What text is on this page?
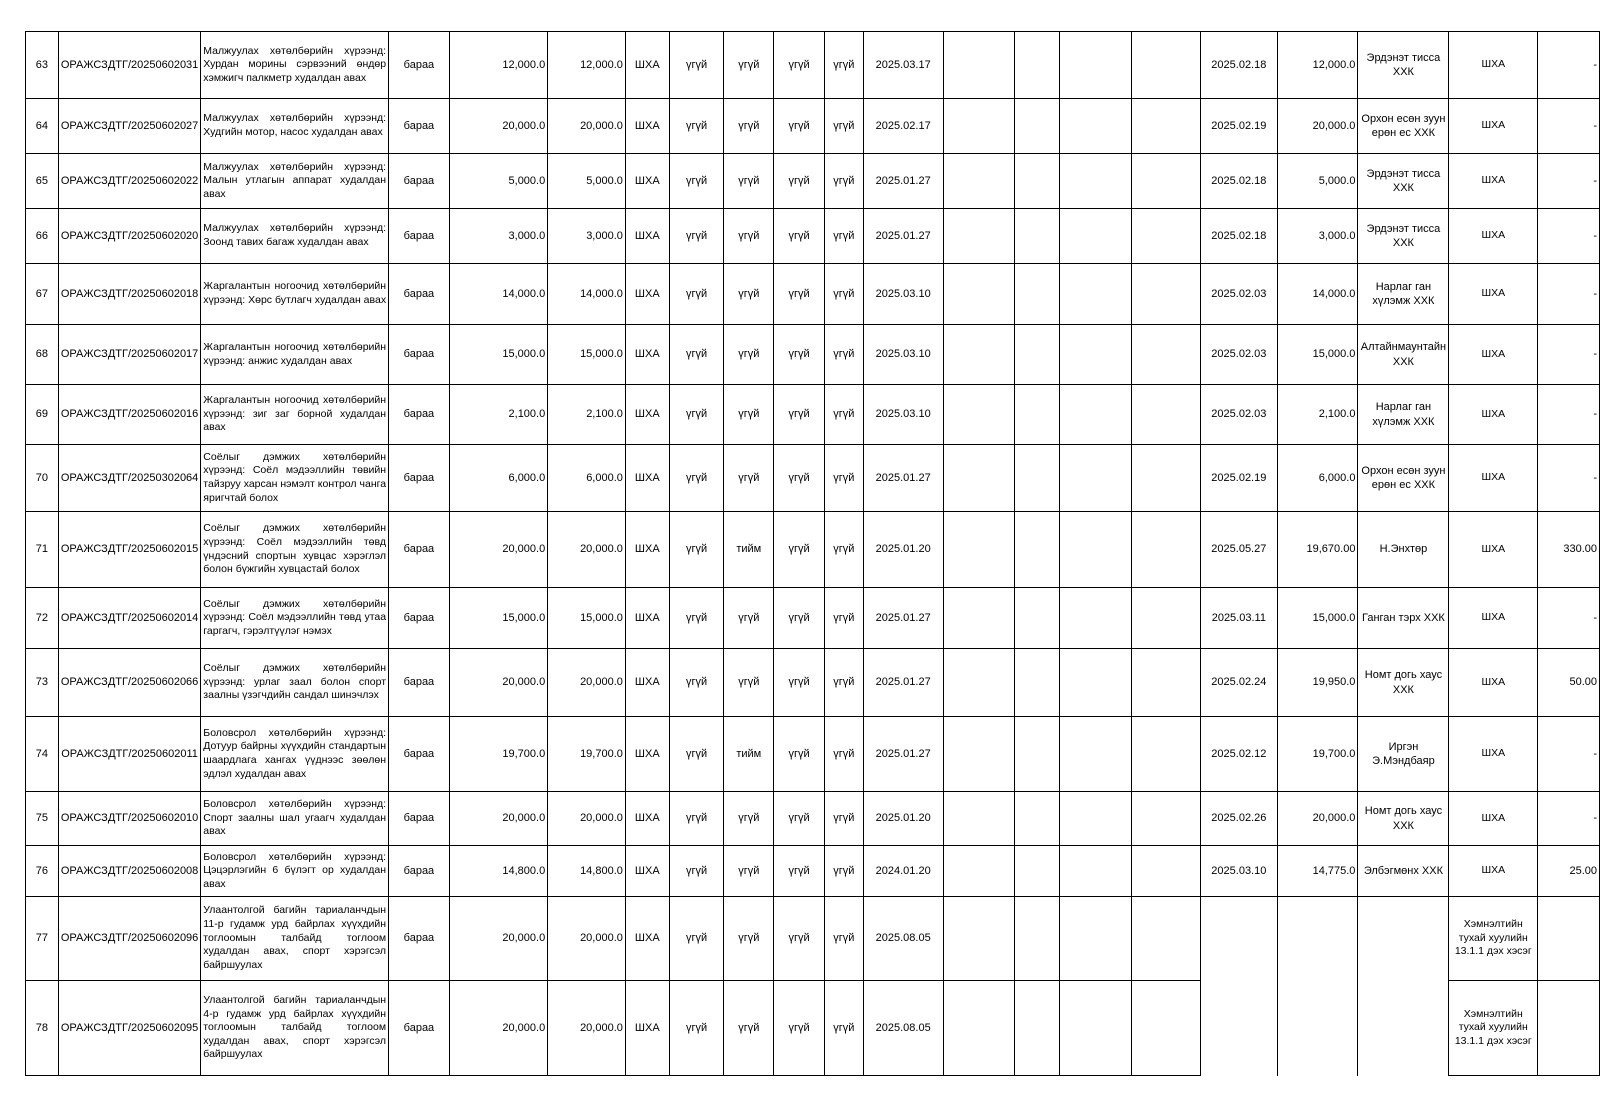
63	ОРАЖСЗДТГ/20250602031	Малжуулах хөтөлбөрийн хүрээнд: Хурдан морины сэрвээний өндөр хэмжигч палкметр худалдан авах	бараа	12,000.0	12,000.0	ШХА	үгүй	үгүй	үгүй	үгүй	2025.03.17					2025.02.18	12,000.0	Эрдэнэт тисса ХХК	ШХА	-
64	ОРАЖСЗДТГ/20250602027	Малжуулах хөтөлбөрийн хүрээнд: Худгийн мотор, насос худалдан авах	бараа	20,000.0	20,000.0	ШХА	үгүй	үгүй	үгүй	үгүй	2025.02.17					2025.02.19	20,000.0	Орхон есөн зуун ерөн ес ХХК	ШХА	-
65	ОРАЖСЗДТГ/20250602022	Малжуулах хөтөлбөрийн хүрээнд: Малын утлагын аппарат худалдан авах	бараа	5,000.0	5,000.0	ШХА	үгүй	үгүй	үгүй	үгүй	2025.01.27					2025.02.18	5,000.0	Эрдэнэт тисса ХХК	ШХА	-
66	ОРАЖСЗДТГ/20250602020	Малжуулах хөтөлбөрийн хүрээнд: Зоонд тавих багаж худалдан авах	бараа	3,000.0	3,000.0	ШХА	үгүй	үгүй	үгүй	үгүй	2025.01.27					2025.02.18	3,000.0	Эрдэнэт тисса ХХК	ШХА	-
67	ОРАЖСЗДТГ/20250602018	Жаргалантын ногоочид хөтөлбөрийн хүрээнд: Хөрс бутлагч худалдан авах	бараа	14,000.0	14,000.0	ШХА	үгүй	үгүй	үгүй	үгүй	2025.03.10					2025.02.03	14,000.0	Нарлаг ган хүлэмж ХХК	ШХА	-
68	ОРАЖСЗДТГ/20250602017	Жаргалантын ногоочид хөтөлбөрийн хүрээнд: анжис худалдан авах	бараа	15,000.0	15,000.0	ШХА	үгүй	үгүй	үгүй	үгүй	2025.03.10					2025.02.03	15,000.0	Алтайнмаунтайн ХХК	ШХА	-
69	ОРАЖСЗДТГ/20250602016	Жаргалантын ногоочид хөтөлбөрийн хүрээнд: зиг заг борной худалдан авах	бараа	2,100.0	2,100.0	ШХА	үгүй	үгүй	үгүй	үгүй	2025.03.10					2025.02.03	2,100.0	Нарлаг ган хүлэмж ХХК	ШХА	-
70	ОРАЖСЗДТГ/20250302064	Соёлыг дэмжих хөтөлбөрийн хүрээнд: Соёл мэдээллийн төвийн тайзруу харсан нэмэлт контрол чанга яригчтай болох	бараа	6,000.0	6,000.0	ШХА	үгүй	үгүй	үгүй	үгүй	2025.01.27					2025.02.19	6,000.0	Орхон есөн зуун ерөн ес ХХК	ШХА	-
71	ОРАЖСЗДТГ/20250602015	Соёлыг дэмжих хөтөлбөрийн хүрээнд: Соёл мэдээллийн төвд үндэсний спортын хувцас хэрэглэл болон бүжгийн хувцастай болох	бараа	20,000.0	20,000.0	ШХА	үгүй	тийм	үгүй	үгүй	2025.01.20					2025.05.27	19,670.00	Н.Энхтөр	ШХА	330.00
72	ОРАЖСЗДТГ/20250602014	Соёлыг дэмжих хөтөлбөрийн хүрээнд: Соёл мэдээллийн төвд утаа гаргагч, гэрэлтүүлэг нэмэх	бараа	15,000.0	15,000.0	ШХА	үгүй	үгүй	үгүй	үгүй	2025.01.27					2025.03.11	15,000.0	Ганган тэрх ХХК	ШХА	-
73	ОРАЖСЗДТГ/20250602066	Соёлыг дэмжих хөтөлбөрийн хүрээнд: урлаг заал болон спорт заалны үзэгчдийн сандал шинэчлэх	бараа	20,000.0	20,000.0	ШХА	үгүй	үгүй	үгүй	үгүй	2025.01.27					2025.02.24	19,950.0	Номт догь хаус ХХК	ШХА	50.00
74	ОРАЖСЗДТГ/20250602011	Боловсрол хөтөлбөрийн хүрээнд: Дотуур байрны хүүхдийн стандартын шаардлага хангах үүднээс зөөлөн эдлэл худалдан авах	бараа	19,700.0	19,700.0	ШХА	үгүй	тийм	үгүй	үгүй	2025.01.27					2025.02.12	19,700.0	Иргэн Э.Мэндбаяр	ШХА	-
75	ОРАЖСЗДТГ/20250602010	Боловсрол хөтөлбөрийн хүрээнд: Спорт заалны шал угаагч худалдан авах	бараа	20,000.0	20,000.0	ШХА	үгүй	үгүй	үгүй	үгүй	2025.01.20					2025.02.26	20,000.0	Номт догь хаус ХХК	ШХА	-
76	ОРАЖСЗДТГ/20250602008	Боловсрол хөтөлбөрийн хүрээнд: Цэцэрлэгийн 6 бүлэгт ор худалдан авах	бараа	14,800.0	14,800.0	ШХА	үгүй	үгүй	үгүй	үгүй	2024.01.20					2025.03.10	14,775.0	Элбэгмөнх ХХК	ШХА	25.00
77	ОРАЖСЗДТГ/20250602096	Улаантолгой багийн тариаланчдын 11-р гудамж урд байрлах хүүхдийн тоглоомын талбайд тоглоом худалдан авах, спорт хэрэгсэл байршуулах	бараа	20,000.0	20,000.0	ШХА	үгүй	үгүй	үгүй	үгүй	2025.08.05								Хэмнэлтийн тухай хуулийн 13.1.1 дэх хэсэг	
78	ОРАЖСЗДТГ/20250602095	Улаантолгой багийн тариаланчдын 4-р гудамж урд байрлах хүүхдийн тоглоомын талбайд тоглоом худалдан авах, спорт хэрэгсэл байршуулах	бараа	20,000.0	20,000.0	ШХА	үгүй	үгүй	үгүй	үгүй	2025.08.05								Хэмнэлтийн тухай хуулийн 13.1.1 дэх хэсэг	
